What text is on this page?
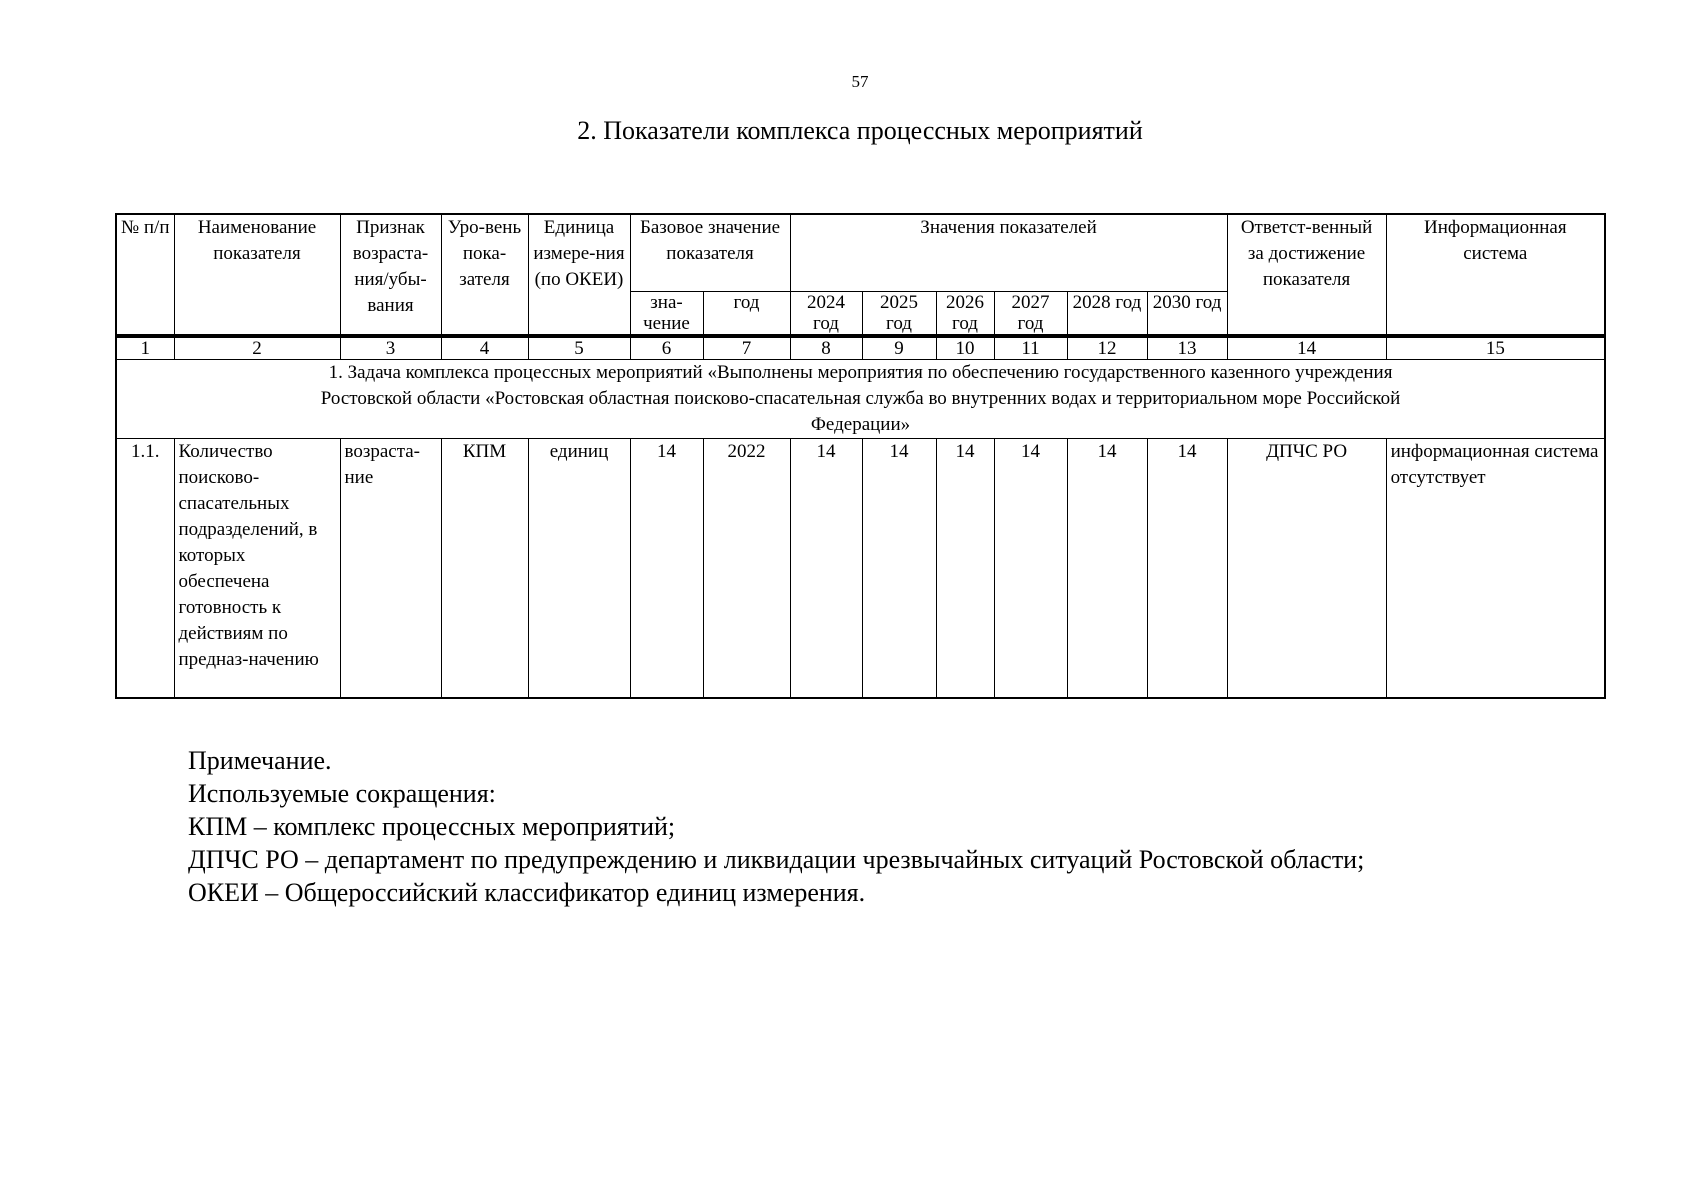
57
2. Показатели комплекса процессных мероприятий
№ п/п	Наименование показателя	Признак возраста-ния/убы-вания	Уро-вень пока-зателя	Единица измере-ния (по ОКЕИ)	Базовое значение показателя		Значения показателей						Ответст-венный за достижение показателя	Информационная система
					зна-чение	год	2024 год	2025 год	2026 год	2027 год	2028 год	2030 год		
1	2	3	4	5	6	7	8	9	10	11	12	13	14	15
1. Задача комплекса процессных мероприятий «Выполнены мероприятия по обеспечению государственного казенного учреждения Ростовской области «Ростовская областная поисково-спасательная служба во внутренних водах и территориальном море Российской Федерации»														
1.1.	Количество поисково-спасательных подразделений, в которых обеспечена готовность к действиям по предназ-начению	возраста-ние	КПМ	единиц	14	2022	14	14	14	14	14	14	ДПЧС РО	информационная система отсутствует
Примечание.
Используемые сокращения:
КПМ – комплекс процессных мероприятий;
ДПЧС РО – департамент по предупреждению и ликвидации чрезвычайных ситуаций Ростовской области;
ОКЕИ – Общероссийский классификатор единиц измерения.
